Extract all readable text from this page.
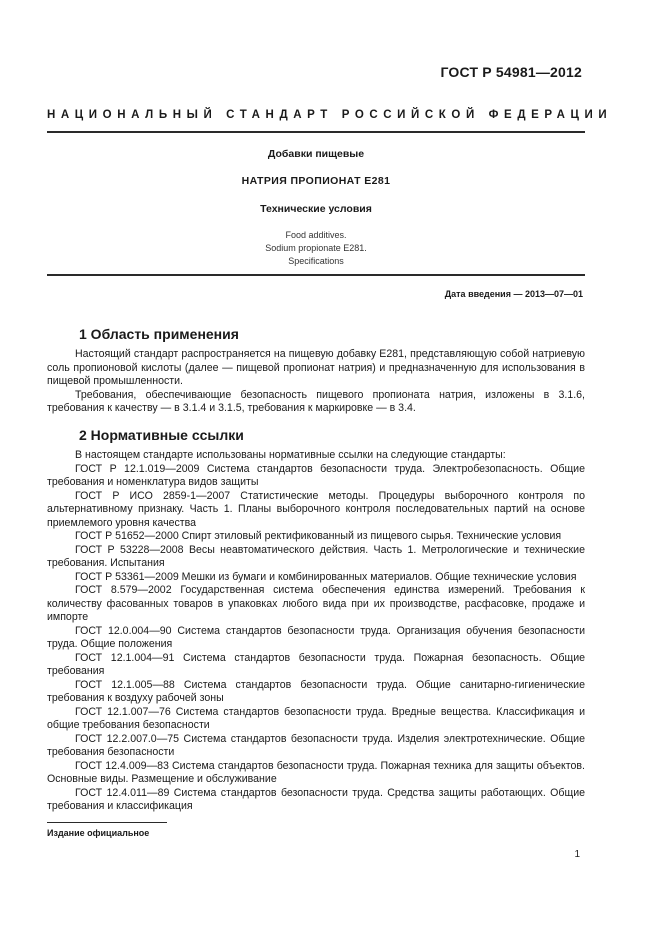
ГОСТ Р 54981—2012
НАЦИОНАЛЬНЫЙ СТАНДАРТ РОССИЙСКОЙ ФЕДЕРАЦИИ
Добавки пищевые
НАТРИЯ ПРОПИОНАТ Е281
Технические условия
Food additives.
Sodium propionate E281.
Specifications
Дата введения — 2013—07—01
1 Область применения

Настоящий стандарт распространяется на пищевую добавку Е281, представляющую собой натриевую соль пропионовой кислоты (далее — пищевой пропионат натрия) и предназначенную для использования в пищевой промышленности.

Требования, обеспечивающие безопасность пищевого пропионата натрия, изложены в 3.1.6, требования к качеству — в 3.1.4 и 3.1.5, требования к маркировке — в 3.4.

2 Нормативные ссылки

В настоящем стандарте использованы нормативные ссылки на следующие стандарты:

ГОСТ Р 12.1.019—2009 Система стандартов безопасности труда. Электробезопасность. Общие требования и номенклатура видов защиты

ГОСТ Р ИСО 2859-1—2007 Статистические методы. Процедуры выборочного контроля по альтернативному признаку. Часть 1. Планы выборочного контроля последовательных партий на основе приемлемого уровня качества

ГОСТ Р 51652—2000 Спирт этиловый ректификованный из пищевого сырья. Технические условия

ГОСТ Р 53228—2008 Весы неавтоматического действия. Часть 1. Метрологические и технические требования. Испытания

ГОСТ Р 53361—2009 Мешки из бумаги и комбинированных материалов. Общие технические условия

ГОСТ 8.579—2002 Государственная система обеспечения единства измерений. Требования к количеству фасованных товаров в упаковках любого вида при их производстве, расфасовке, продаже и импорте

ГОСТ 12.0.004—90 Система стандартов безопасности труда. Организация обучения безопасности труда. Общие положения

ГОСТ 12.1.004—91 Система стандартов безопасности труда. Пожарная безопасность. Общие требования

ГОСТ 12.1.005—88 Система стандартов безопасности труда. Общие санитарно-гигиенические требования к воздуху рабочей зоны

ГОСТ 12.1.007—76 Система стандартов безопасности труда. Вредные вещества. Классификация и общие требования безопасности

ГОСТ 12.2.007.0—75 Система стандартов безопасности труда. Изделия электротехнические. Общие требования безопасности

ГОСТ 12.4.009—83 Система стандартов безопасности труда. Пожарная техника для защиты объектов. Основные виды. Размещение и обслуживание

ГОСТ 12.4.011—89 Система стандартов безопасности труда. Средства защиты работающих. Общие требования и классификация

Издание официальное
1
